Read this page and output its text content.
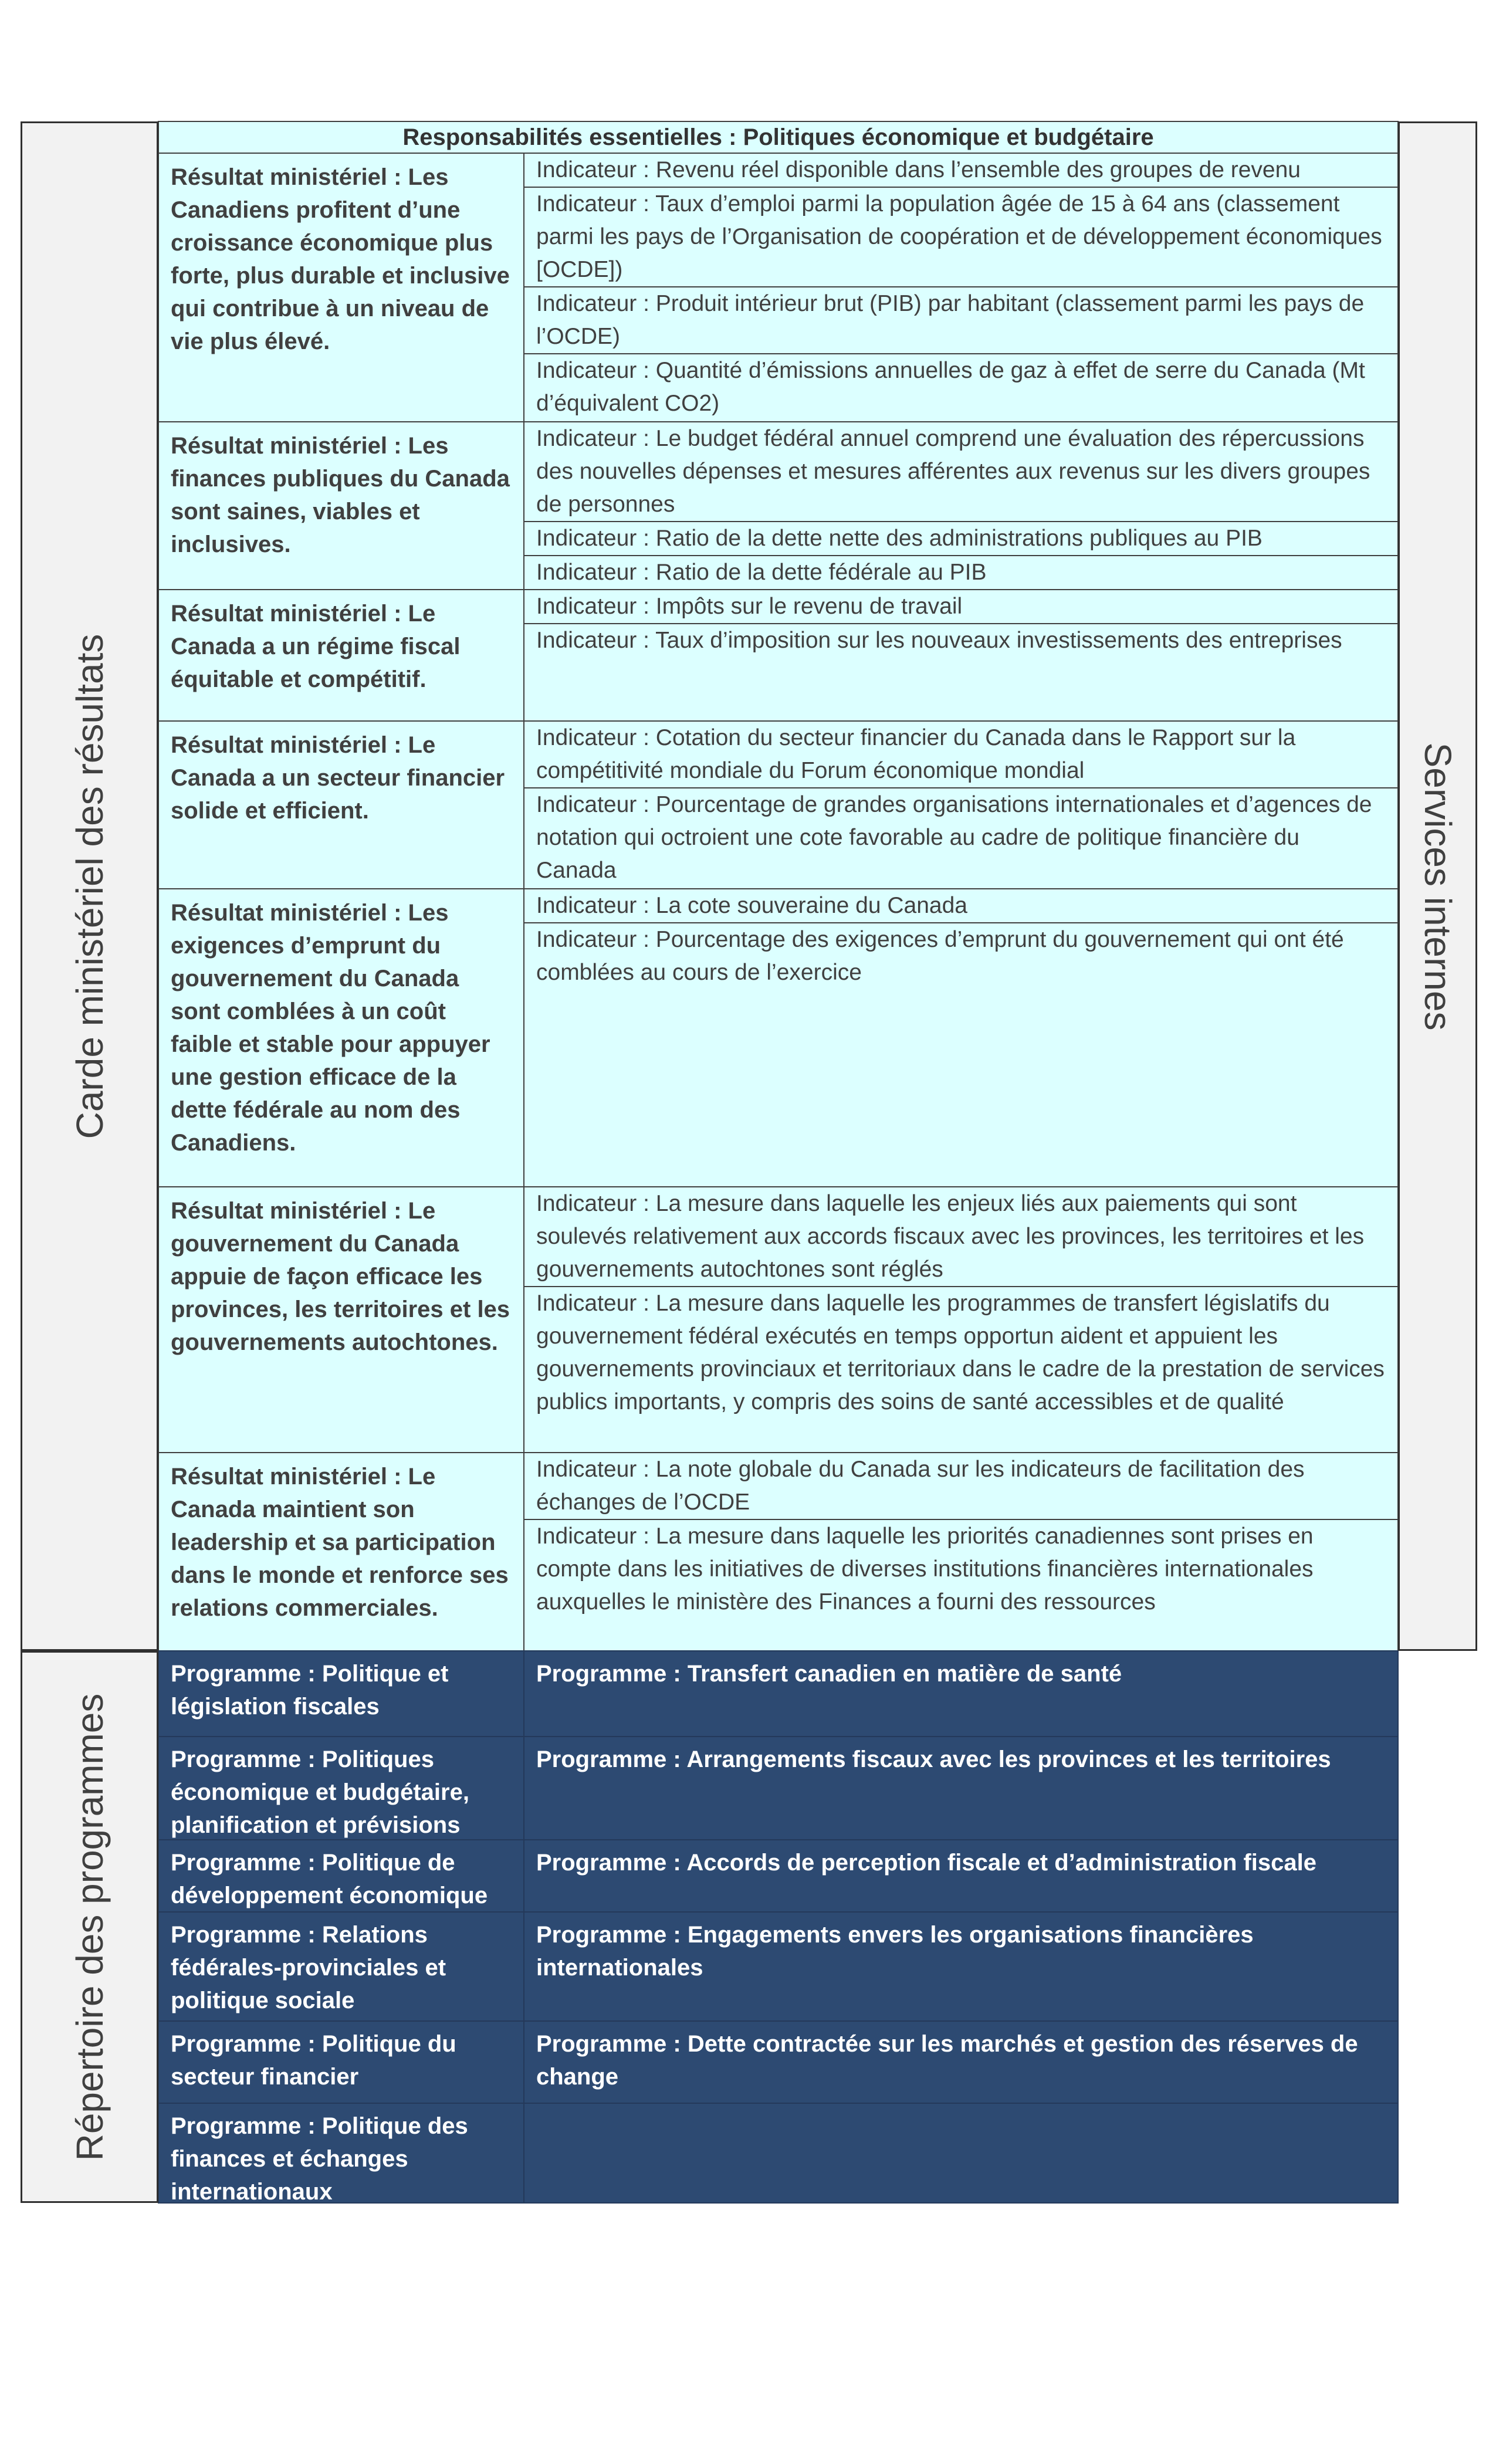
Carde ministériel des résultats
Répertoire des programmes
Services internes
Responsabilités essentielles : Politiques économique et budgétaire
Résultat ministériel : Les Canadiens profitent d’une croissance économique plus forte, plus durable et inclusive qui contribue à un niveau de vie plus élevé.
Indicateur : Revenu réel disponible dans l’ensemble des groupes de revenu
Indicateur : Taux d’emploi parmi la population âgée de 15 à 64 ans (classement parmi les pays de l’Organisation de coopération et de développement économiques [OCDE])
Indicateur : Produit intérieur brut (PIB) par habitant (classement parmi les pays de l’OCDE)
Indicateur : Quantité d’émissions annuelles de gaz à effet de serre du Canada (Mt d’équivalent CO2)
Résultat ministériel : Les finances publiques du Canada sont saines, viables et inclusives.
Indicateur : Le budget fédéral annuel comprend une évaluation des répercussions des nouvelles dépenses et mesures afférentes aux revenus sur les divers groupes de personnes
Indicateur : Ratio de la dette nette des administrations publiques au PIB
Indicateur : Ratio de la dette fédérale au PIB
Résultat ministériel : Le Canada a un régime fiscal équitable et compétitif.
Indicateur : Impôts sur le revenu de travail
Indicateur : Taux d’imposition sur les nouveaux investissements des entreprises
Résultat ministériel : Le Canada a un secteur financier solide et efficient.
Indicateur : Cotation du secteur financier du Canada dans le Rapport sur la compétitivité mondiale du Forum économique mondial
Indicateur : Pourcentage de grandes organisations internationales et d’agences de notation qui octroient une cote favorable au cadre de politique financière du Canada
Résultat ministériel : Les exigences d’emprunt du gouvernement du Canada sont comblées à un coût faible et stable pour appuyer une gestion efficace de la dette fédérale au nom des Canadiens.
Indicateur : La cote souveraine du Canada
Indicateur : Pourcentage des exigences d’emprunt du gouvernement qui ont été comblées au cours de l’exercice
Résultat ministériel : Le gouvernement du Canada appuie de façon efficace les provinces, les territoires et les gouvernements autochtones.
Indicateur : La mesure dans laquelle les enjeux liés aux paiements qui sont soulevés relativement aux accords fiscaux avec les provinces, les territoires et les gouvernements autochtones sont réglés
Indicateur : La mesure dans laquelle les programmes de transfert législatifs du gouvernement fédéral exécutés en temps opportun aident et appuient les gouvernements provinciaux et territoriaux dans le cadre de la prestation de services publics importants, y compris des soins de santé accessibles et de qualité
Résultat ministériel : Le Canada maintient son leadership et sa participation dans le monde et renforce ses relations commerciales.
Indicateur : La note globale du Canada sur les indicateurs de facilitation des échanges de l’OCDE
Indicateur : La mesure dans laquelle les priorités canadiennes sont prises en compte dans les initiatives de diverses institutions financières internationales auxquelles le ministère des Finances a fourni des ressources
Programme : Politique et législation fiscales
Programme : Transfert canadien en matière de santé
Programme : Politiques économique et budgétaire, planification et prévisions
Programme : Arrangements fiscaux avec les provinces et les territoires
Programme : Politique de développement économique
Programme : Accords de perception fiscale et d’administration fiscale
Programme : Relations fédérales-provinciales et politique sociale
Programme : Engagements envers les organisations financières internationales
Programme : Politique du secteur financier
Programme : Dette contractée sur les marchés et gestion des réserves de change
Programme : Politique des finances et échanges internationaux
